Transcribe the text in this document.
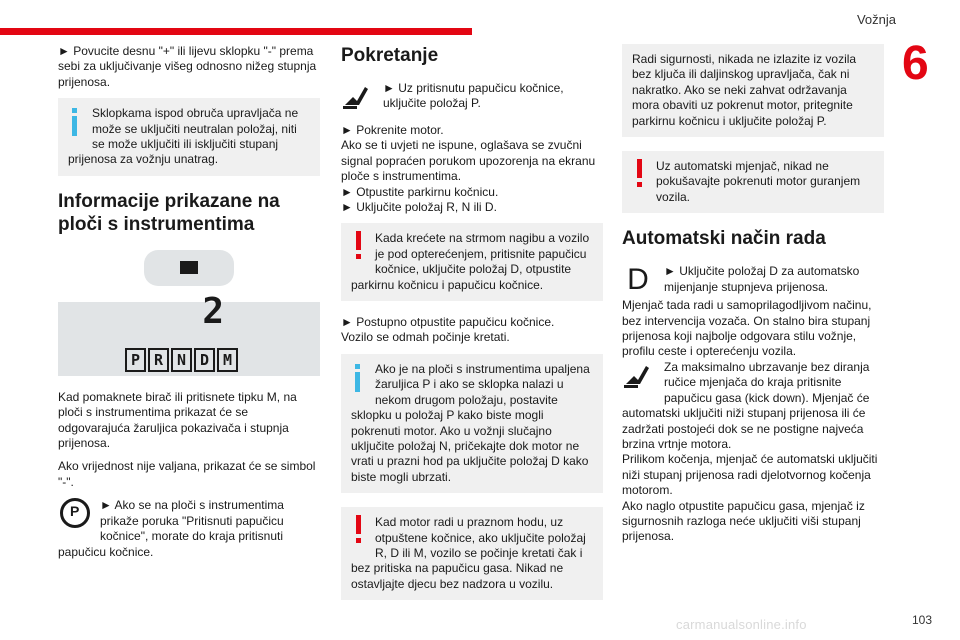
Vožnja
6

► Povucite desnu "+" ili lijevu sklopku "-" prema sebi za uključivanje višeg odnosno nižeg stupnja prijenosa.

Sklopkama ispod obruča upravljača ne može se uključiti neutralan položaj, niti se može uključiti ili isključiti stupanj prijenosa za vožnju unatrag.
Informacije prikazane na ploči s instrumentima
2
P R N D M

Kad pomaknete birač ili pritisnete tipku M, na ploči s instrumentima prikazat će se odgovarajuća žaruljica pokazivača i stupnja prijenosa.

Ako vrijednost nije valjana, prikazat će se simbol "-".

P
► Ako se na ploči s instrumentima prikaže poruka "Pritisnuti papučicu kočnice", morate do kraja pritisnuti papučicu kočnice.
Pokretanje
► Uz pritisnutu papučicu kočnice, uključite položaj P.

► Pokrenite motor.

Ako se ti uvjeti ne ispune, oglašava se zvučni signal popraćen porukom upozorenja na ekranu ploče s instrumentima.

► Otpustite parkirnu kočnicu.

► Uključite položaj R, N ili D.

Kada krećete na strmom nagibu a vozilo je pod opterećenjem, pritisnite papučicu kočnice, uključite položaj D, otpustite parkirnu kočnicu i papučicu kočnice.

► Postupno otpustite papučicu kočnice.

Vozilo se odmah počinje kretati.

Ako je na ploči s instrumentima upaljena žaruljica P i ako se sklopka nalazi u nekom drugom položaju, postavite sklopku u položaj P kako biste mogli pokrenuti motor. Ako u vožnji slučajno uključite položaj N, pričekajte dok motor ne vrati u prazni hod pa uključite položaj D kako biste mogli ubrzati.
Kad motor radi u praznom hodu, uz otpuštene kočnice, ako uključite položaj R, D ili M, vozilo se počinje kretati čak i bez pritiska na papučicu gasa. Nikad ne ostavljajte djecu bez nadzora u vozilu.
Radi sigurnosti, nikada ne izlazite iz vozila bez ključa ili daljinskog upravljača, čak ni nakratko. Ako se neki zahvat održavanja mora obaviti uz pokrenut motor, pritegnite parkirnu kočnicu i uključite položaj P.
Uz automatski mjenjač, nikad ne pokušavajte pokrenuti motor guranjem vozila.
Automatski način rada
D	► Uključite položaj D za automatsko mijenjanje stupnjeva prijenosa.

Mjenjač tada radi u samoprilagodljivom načinu, bez intervencija vozača. On stalno bira stupanj prijenosa koji najbolje odgovara stilu vožnje, profilu ceste i opterećenju vozila.

Za maksimalno ubrzavanje bez diranja ručice mjenjača do kraja pritisnite papučicu gasa (kick down). Mjenjač će automatski uključiti niži stupanj prijenosa ili će zadržati postojeći dok se ne postigne najveća brzina vrtnje motora.

Prilikom kočenja, mjenjač će automatski uključiti niži stupanj prijenosa radi djelotvornog kočenja motorom.

Ako naglo otpustite papučicu gasa, mjenjač iz sigurnosnih razloga neće uključiti viši stupanj prijenosa.

carmanualsonline.info	103
